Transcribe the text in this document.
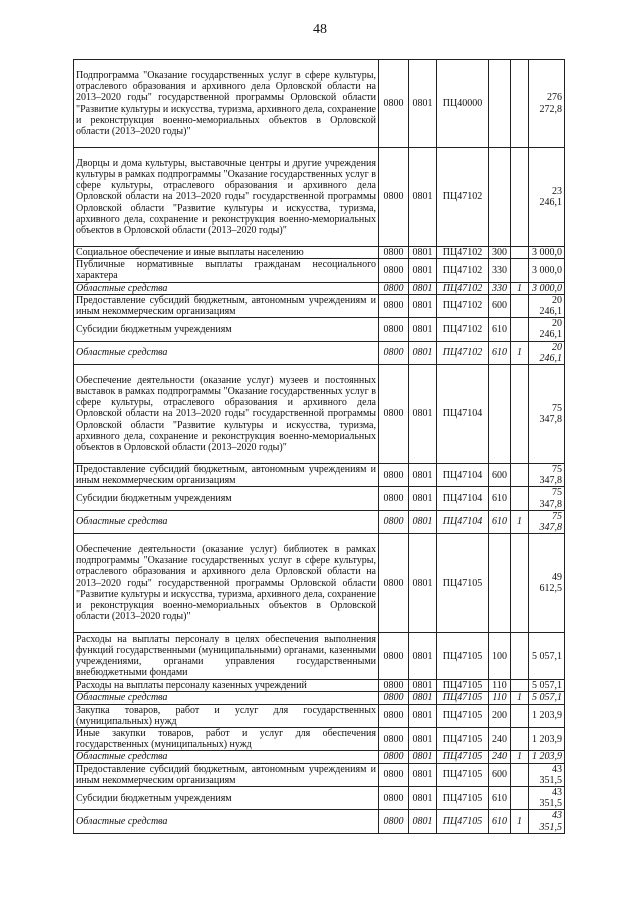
48
Подпрограмма "Оказание государственных услуг в сфере культуры, отраслевого образования и архивного дела Орловской области на 2013–2020 годы" государственной программы Орловской области "Развитие культуры и искусства, туризма, архивного дела, сохранение и реконструкция военно-мемориальных объектов в Орловской области (2013–2020 годы)"	0800	0801	ПЦ40000			276 272,8
Дворцы и дома культуры, выставочные центры и другие учреждения культуры в рамках подпрограммы "Оказание государственных услуг в сфере культуры, отраслевого образования и архивного дела Орловской области на 2013–2020 годы" государственной программы Орловской области "Развитие культуры и искусства, туризма, архивного дела, сохранение и реконструкция военно-мемориальных объектов в Орловской области (2013–2020 годы)"	0800	0801	ПЦ47102			23 246,1
Социальное обеспечение и иные выплаты населению	0800	0801	ПЦ47102	300		3 000,0
Публичные нормативные выплаты гражданам несоциального характера	0800	0801	ПЦ47102	330		3 000,0
Областные средства	0800	0801	ПЦ47102	330	1	3 000,0
Предоставление субсидий бюджетным, автономным учреждениям и иным некоммерческим организациям	0800	0801	ПЦ47102	600		20 246,1
Субсидии бюджетным учреждениям	0800	0801	ПЦ47102	610		20 246,1
Областные средства	0800	0801	ПЦ47102	610	1	20 246,1
Обеспечение деятельности (оказание услуг) музеев и постоянных выставок в рамках подпрограммы "Оказание государственных услуг в сфере культуры, отраслевого образования и архивного дела Орловской области на 2013–2020 годы" государственной программы Орловской области "Развитие культуры и искусства, туризма, архивного дела, сохранение и реконструкция военно-мемориальных объектов в Орловской области (2013–2020 годы)"	0800	0801	ПЦ47104			75 347,8
Предоставление субсидий бюджетным, автономным учреждениям и иным некоммерческим организациям	0800	0801	ПЦ47104	600		75 347,8
Субсидии бюджетным учреждениям	0800	0801	ПЦ47104	610		75 347,8
Областные средства	0800	0801	ПЦ47104	610	1	75 347,8
Обеспечение деятельности (оказание услуг) библиотек в рамках подпрограммы "Оказание государственных услуг в сфере культуры, отраслевого образования и архивного дела Орловской области на 2013–2020 годы" государственной программы Орловской области "Развитие культуры и искусства, туризма, архивного дела, сохранение и реконструкция военно-мемориальных объектов в Орловской области (2013–2020 годы)"	0800	0801	ПЦ47105			49 612,5
Расходы на выплаты персоналу в целях обеспечения выполнения функций государственными (муниципальными) органами, казенными учреждениями, органами управления государственными внебюджетными фондами	0800	0801	ПЦ47105	100		5 057,1
Расходы на выплаты персоналу казенных учреждений	0800	0801	ПЦ47105	110		5 057,1
Областные средства	0800	0801	ПЦ47105	110	1	5 057,1
Закупка товаров, работ и услуг для государственных (муниципальных) нужд	0800	0801	ПЦ47105	200		1 203,9
Иные закупки товаров, работ и услуг для обеспечения государственных (муниципальных) нужд	0800	0801	ПЦ47105	240		1 203,9
Областные средства	0800	0801	ПЦ47105	240	1	1 203,9
Предоставление субсидий бюджетным, автономным учреждениям и иным некоммерческим организациям	0800	0801	ПЦ47105	600		43 351,5
Субсидии бюджетным учреждениям	0800	0801	ПЦ47105	610		43 351,5
Областные средства	0800	0801	ПЦ47105	610	1	43 351,5
